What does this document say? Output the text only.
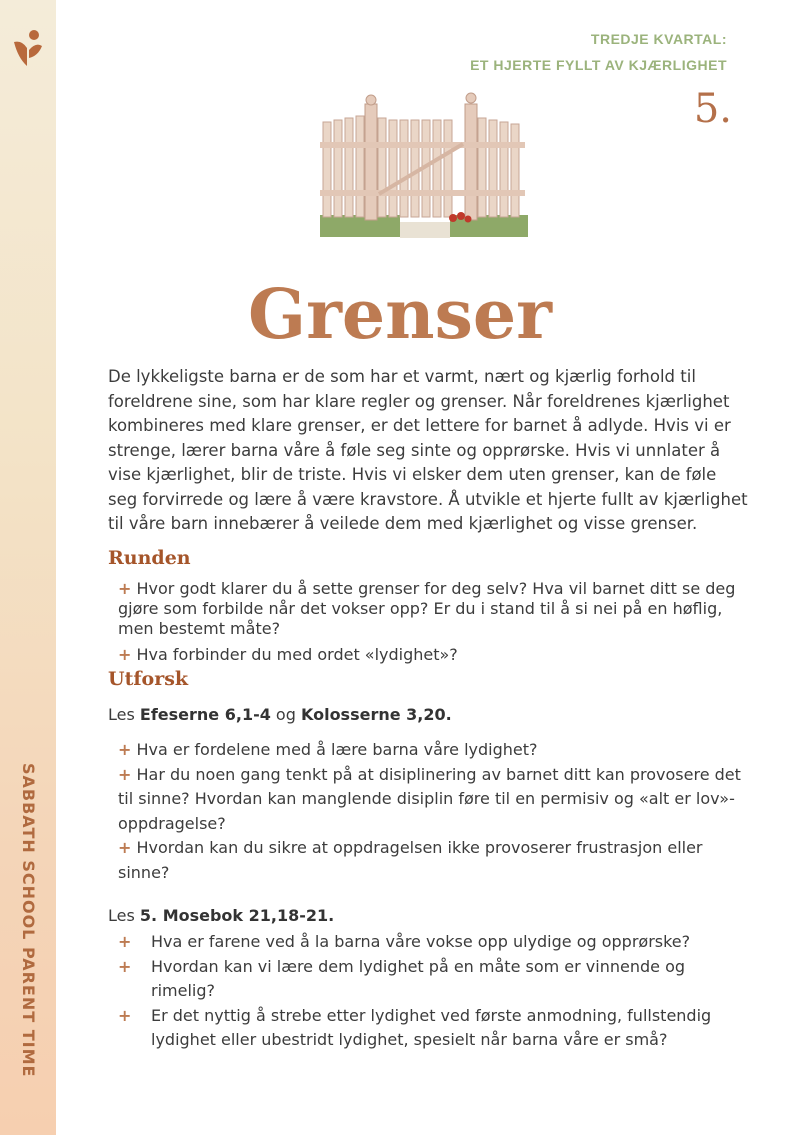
SABBATH SCHOOL PARENT TIME
TREDJE KVARTAL:
ET HJERTE FYLLT AV KJÆRLIGHET
5.
Grenser
De lykkeligste barna er de som har et varmt, nært og kjærlig forhold til foreldrene sine, som har klare regler og grenser. Når foreldrenes kjærlighet kombineres med klare grenser, er det lettere for barnet å adlyde. Hvis vi er strenge, lærer barna våre å føle seg sinte og opprørske. Hvis vi unnlater å vise kjærlighet, blir de triste. Hvis vi elsker dem uten grenser, kan de føle seg forvirrede og lære å være kravstore. Å utvikle et hjerte fullt av kjærlighet til våre barn innebærer å veilede dem med kjærlighet og visse grenser.
Runden

+ Hvor godt klarer du å sette grenser for deg selv? Hva vil barnet ditt se deg gjøre som forbilde når det vokser opp? Er du i stand til å si nei på en høflig, men bestemt måte?

+ Hva forbinder du med ordet «lydighet»?

Utforsk
Les Efeserne 6,1-4 og Kolosserne 3,20.

+ Hva er fordelene med å lære barna våre lydighet?

+ Har du noen gang tenkt på at disiplinering av barnet ditt kan provosere det til sinne? Hvordan kan manglende disiplin føre til en permisiv og «alt er lov»-oppdragelse?

+ Hvordan kan du sikre at oppdragelsen ikke provoserer frustrasjon eller sinne?

Les 5. Mosebok 21,18-21.

+ Hva er farene ved å la barna våre vokse opp ulydige og opprørske?

+ Hvordan kan vi lære dem lydighet på en måte som er vinnende og rimelig?

+ Er det nyttig å strebe etter lydighet ved første anmodning, fullstendig lydighet eller ubestridt lydighet, spesielt når barna våre er små?
